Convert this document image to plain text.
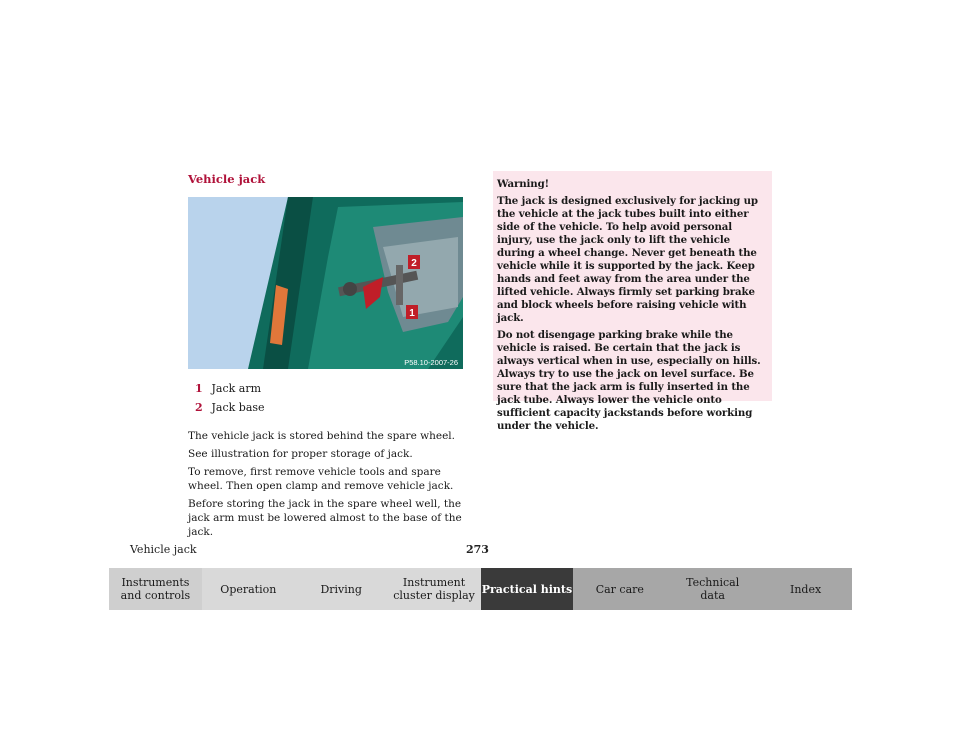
Vehicle jack
2
1
P58.10-2007-26
1 Jack arm
2 Jack base

The vehicle jack is stored behind the spare wheel.

See illustration for proper storage of jack.

To remove, first remove vehicle tools and spare wheel. Then open clamp and remove vehicle jack.

Before storing the jack in the spare wheel well, the jack arm must be lowered almost to the base of the jack.

Warning!

The jack is designed exclusively for jacking up the vehicle at the jack tubes built into either side of the vehicle. To help avoid personal injury, use the jack only to lift the vehicle during a wheel change. Never get beneath the vehicle while it is supported by the jack. Keep hands and feet away from the area under the lifted vehicle. Always firmly set parking brake and block wheels before raising vehicle with jack.

Do not disengage parking brake while the vehicle is raised. Be certain that the jack is always vertical when in use, especially on hills. Always try to use the jack on level surface. Be sure that the jack arm is fully inserted in the jack tube. Always lower the vehicle onto sufficient capacity jackstands before working under the vehicle.

Vehicle jack	273
Instruments
and controls	Operation	Driving	Instrument
cluster display Practical hints	Car care	Technical
data	Index
